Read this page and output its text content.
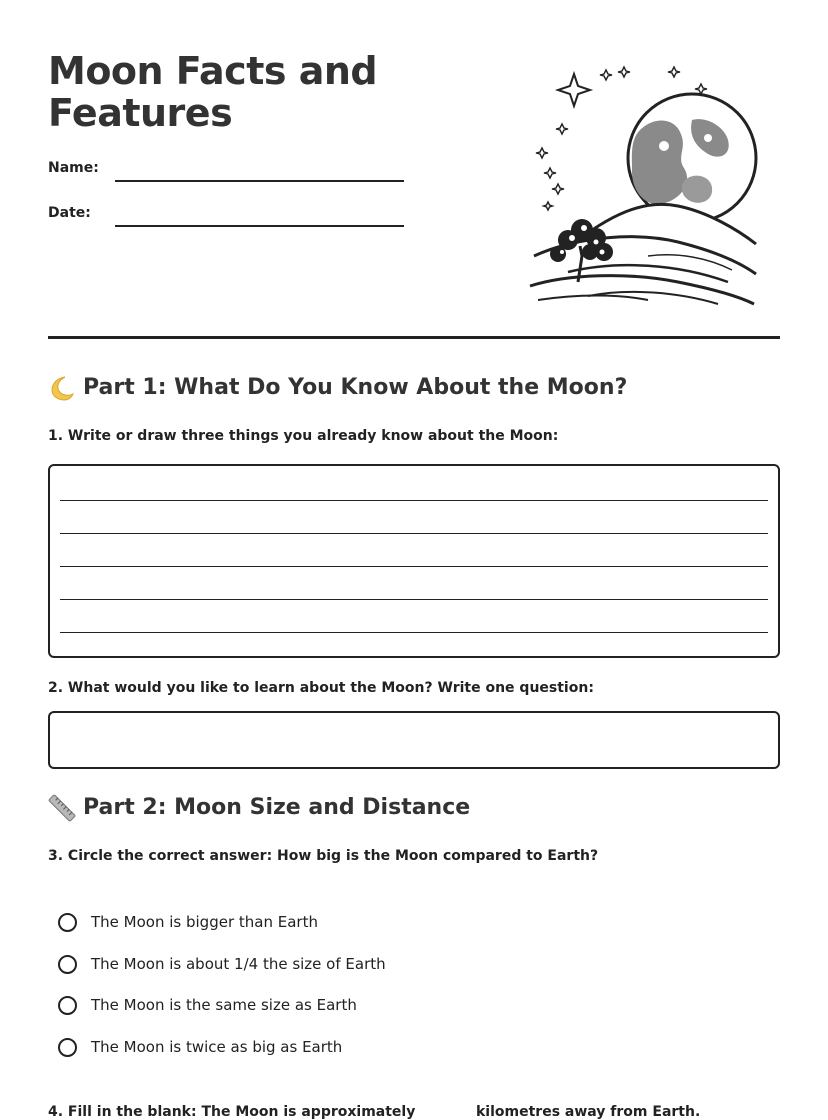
Moon Facts and Features
Name:
Date:
Part 1: What Do You Know About the Moon?

1. Write or draw three things you already know about the Moon:

2. What would you like to learn about the Moon? Write one question:

Part 2: Moon Size and Distance

3. Circle the correct answer: How big is the Moon compared to Earth?

The Moon is bigger than Earth
The Moon is about 1/4 the size of Earth
The Moon is the same size as Earth
The Moon is twice as big as Earth
4. Fill in the blank: The Moon is approximately	kilometres away from Earth.
